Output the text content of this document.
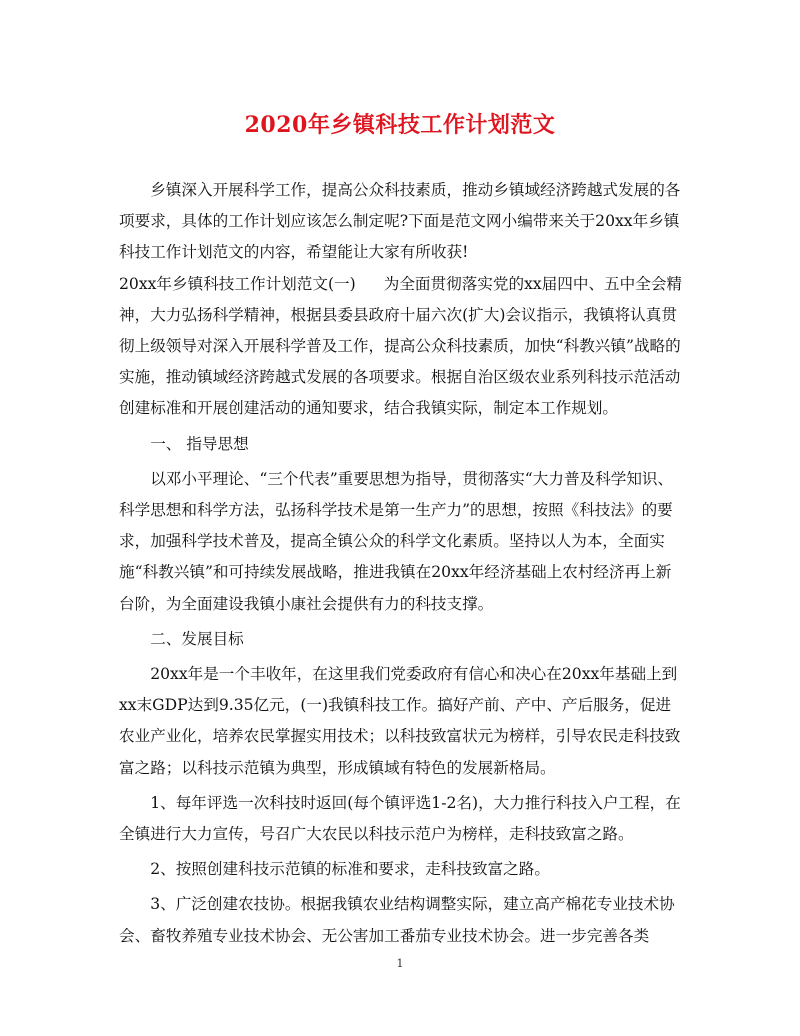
2020年乡镇科技工作计划范文

乡镇深入开展科学工作，提高公众科技素质，推动乡镇域经济跨越式发展的各项要求，具体的工作计划应该怎么制定呢?下面是范文网小编带来关于20xx年乡镇科技工作计划范文的内容，希望能让大家有所收获!

20xx年乡镇科技工作计划范文(一) 为全面贯彻落实党的xx届四中、五中全会精神，大力弘扬科学精神，根据县委县政府十届六次(扩大)会议指示，我镇将认真贯彻上级领导对深入开展科学普及工作，提高公众科技素质，加快“科教兴镇”战略的实施，推动镇域经济跨越式发展的各项要求。根据自治区级农业系列科技示范活动创建标准和开展创建活动的通知要求，结合我镇实际，制定本工作规划。

一、 指导思想

以邓小平理论、“三个代表”重要思想为指导，贯彻落实“大力普及科学知识、科学思想和科学方法，弘扬科学技术是第一生产力”的思想，按照《科技法》的要求，加强科学技术普及，提高全镇公众的科学文化素质。坚持以人为本，全面实施“科教兴镇”和可持续发展战略，推进我镇在20xx年经济基础上农村经济再上新台阶，为全面建设我镇小康社会提供有力的科技支撑。

二、发展目标

20xx年是一个丰收年，在这里我们党委政府有信心和决心在20xx年基础上到xx末GDP达到9.35亿元，(一)我镇科技工作。搞好产前、产中、产后服务，促进农业产业化，培养农民掌握实用技术；以科技致富状元为榜样，引导农民走科技致富之路；以科技示范镇为典型，形成镇域有特色的发展新格局。

1、每年评选一次科技时返回(每个镇评选1-2名)，大力推行科技入户工程，在全镇进行大力宣传，号召广大农民以科技示范户为榜样，走科技致富之路。

2、按照创建科技示范镇的标准和要求，走科技致富之路。

3、广泛创建农技协。根据我镇农业结构调整实际，建立高产棉花专业技术协会、畜牧养殖专业技术协会、无公害加工番茄专业技术协会。进一步完善各类

1
